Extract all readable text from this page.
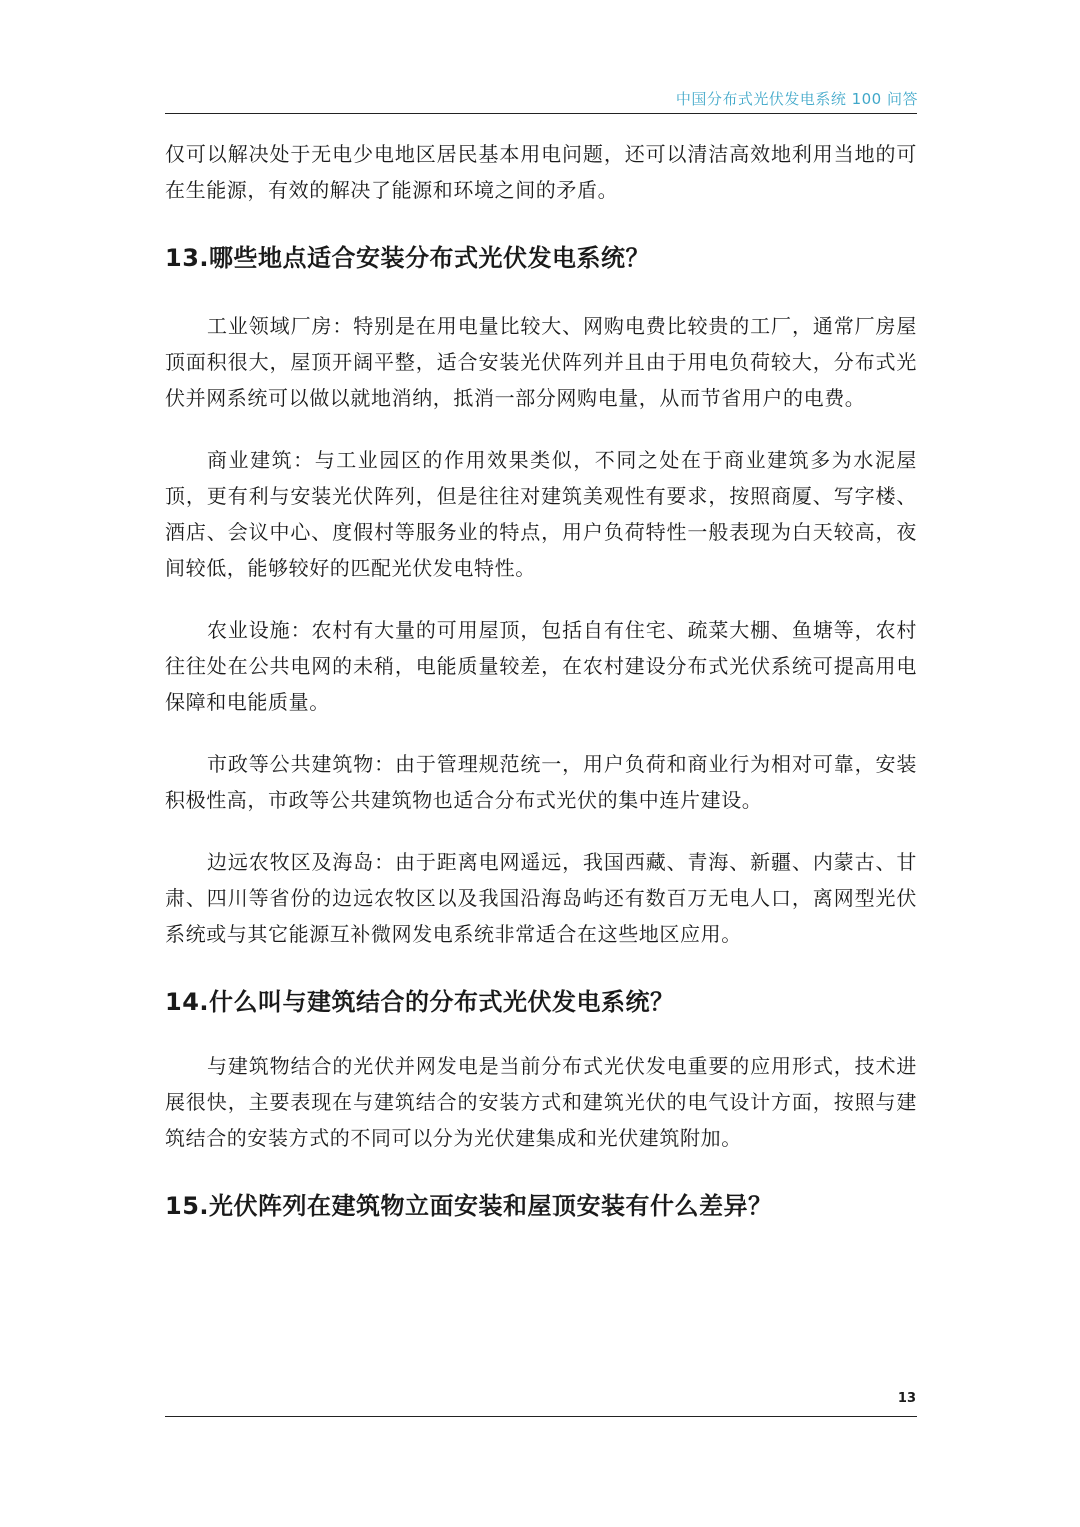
中国分布式光伏发电系统 100 问答

仅可以解决处于无电少电地区居民基本用电问题，还可以清洁高效地利用当地的可在生能源，有效的解决了能源和环境之间的矛盾。

13.哪些地点适合安装分布式光伏发电系统？

工业领域厂房：特别是在用电量比较大、网购电费比较贵的工厂，通常厂房屋顶面积很大，屋顶开阔平整，适合安装光伏阵列并且由于用电负荷较大，分布式光伏并网系统可以做以就地消纳，抵消一部分网购电量，从而节省用户的电费。

商业建筑：与工业园区的作用效果类似，不同之处在于商业建筑多为水泥屋顶，更有利与安装光伏阵列，但是往往对建筑美观性有要求，按照商厦、写字楼、酒店、会议中心、度假村等服务业的特点，用户负荷特性一般表现为白天较高，夜间较低，能够较好的匹配光伏发电特性。

农业设施：农村有大量的可用屋顶，包括自有住宅、疏菜大棚、鱼塘等，农村往往处在公共电网的未稍，电能质量较差，在农村建设分布式光伏系统可提高用电保障和电能质量。

市政等公共建筑物：由于管理规范统一，用户负荷和商业行为相对可靠，安装积极性高，市政等公共建筑物也适合分布式光伏的集中连片建设。

边远农牧区及海岛：由于距离电网遥远，我国西藏、青海、新疆、内蒙古、甘肃、四川等省份的边远农牧区以及我国沿海岛屿还有数百万无电人口，离网型光伏系统或与其它能源互补微网发电系统非常适合在这些地区应用。

14.什么叫与建筑结合的分布式光伏发电系统？

与建筑物结合的光伏并网发电是当前分布式光伏发电重要的应用形式，技术进展很快，主要表现在与建筑结合的安装方式和建筑光伏的电气设计方面，按照与建筑结合的安装方式的不同可以分为光伏建集成和光伏建筑附加。

15.光伏阵列在建筑物立面安装和屋顶安装有什么差异？
13
